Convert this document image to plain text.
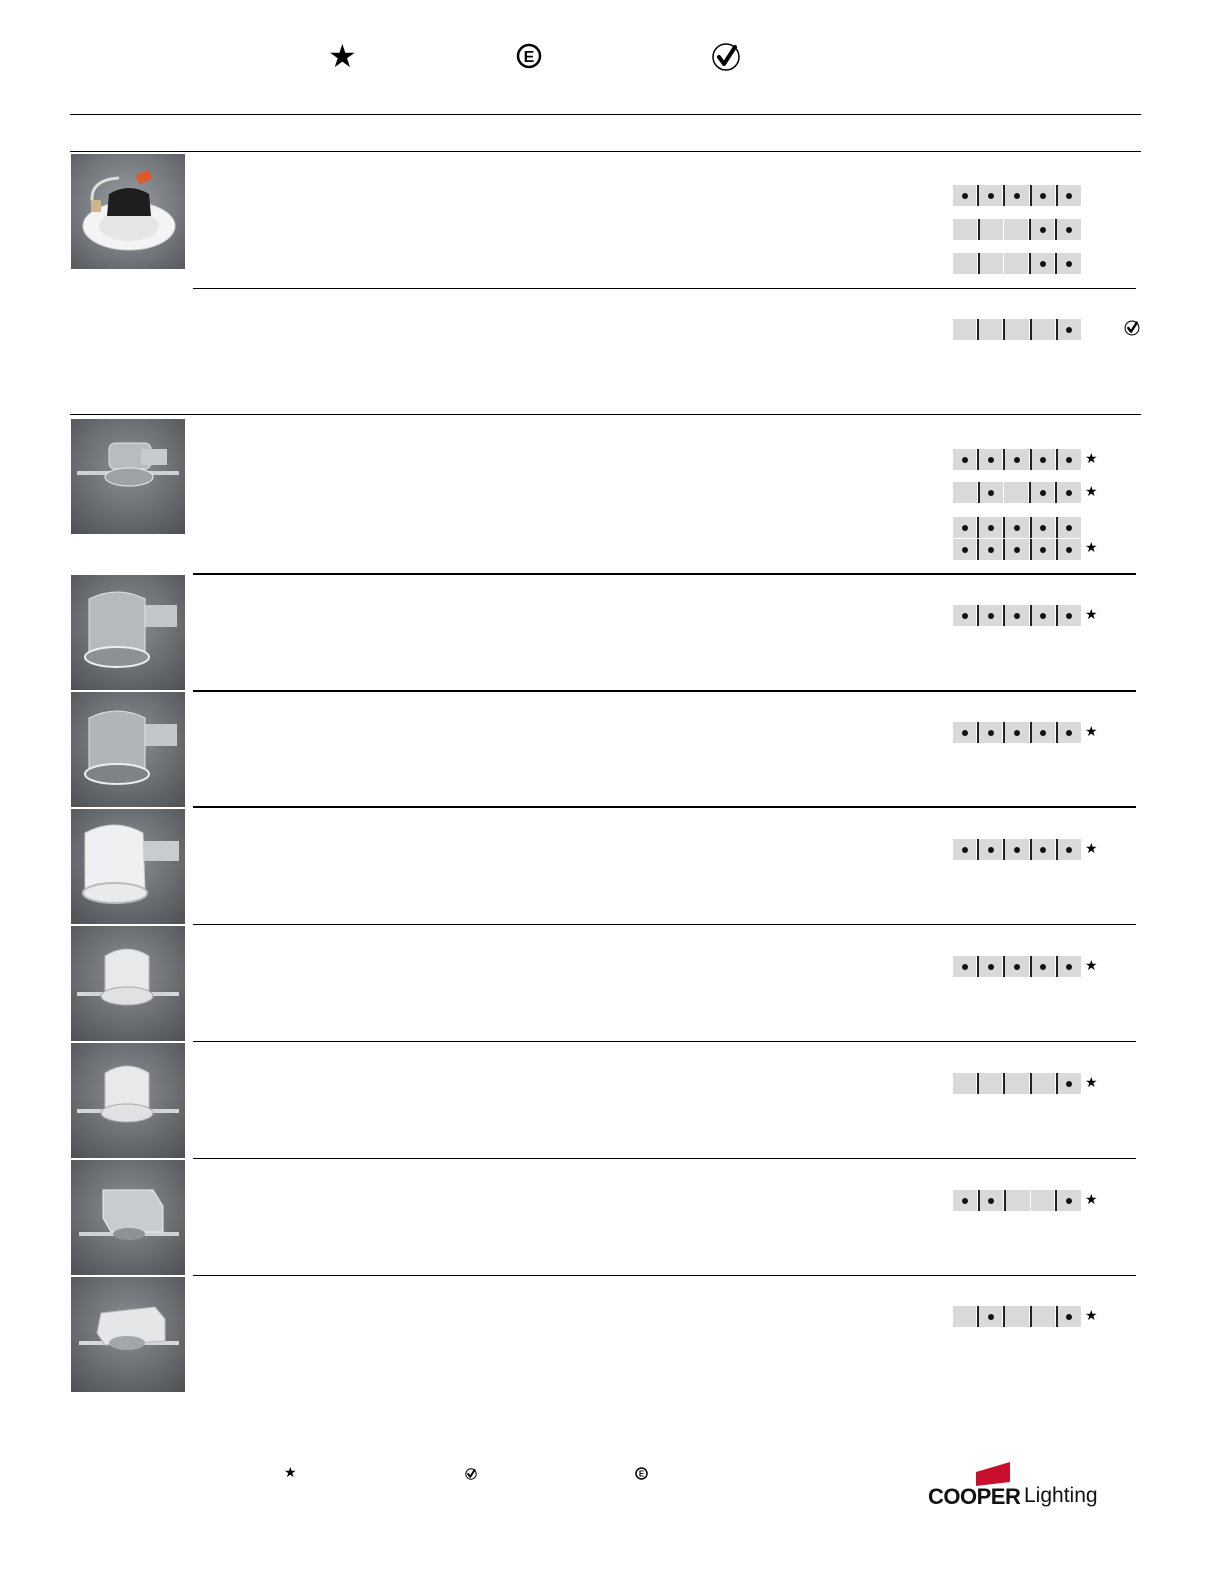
★	E
★
★
★
★
★
★
★
★
★
★
★	E
COOPER Lighting
